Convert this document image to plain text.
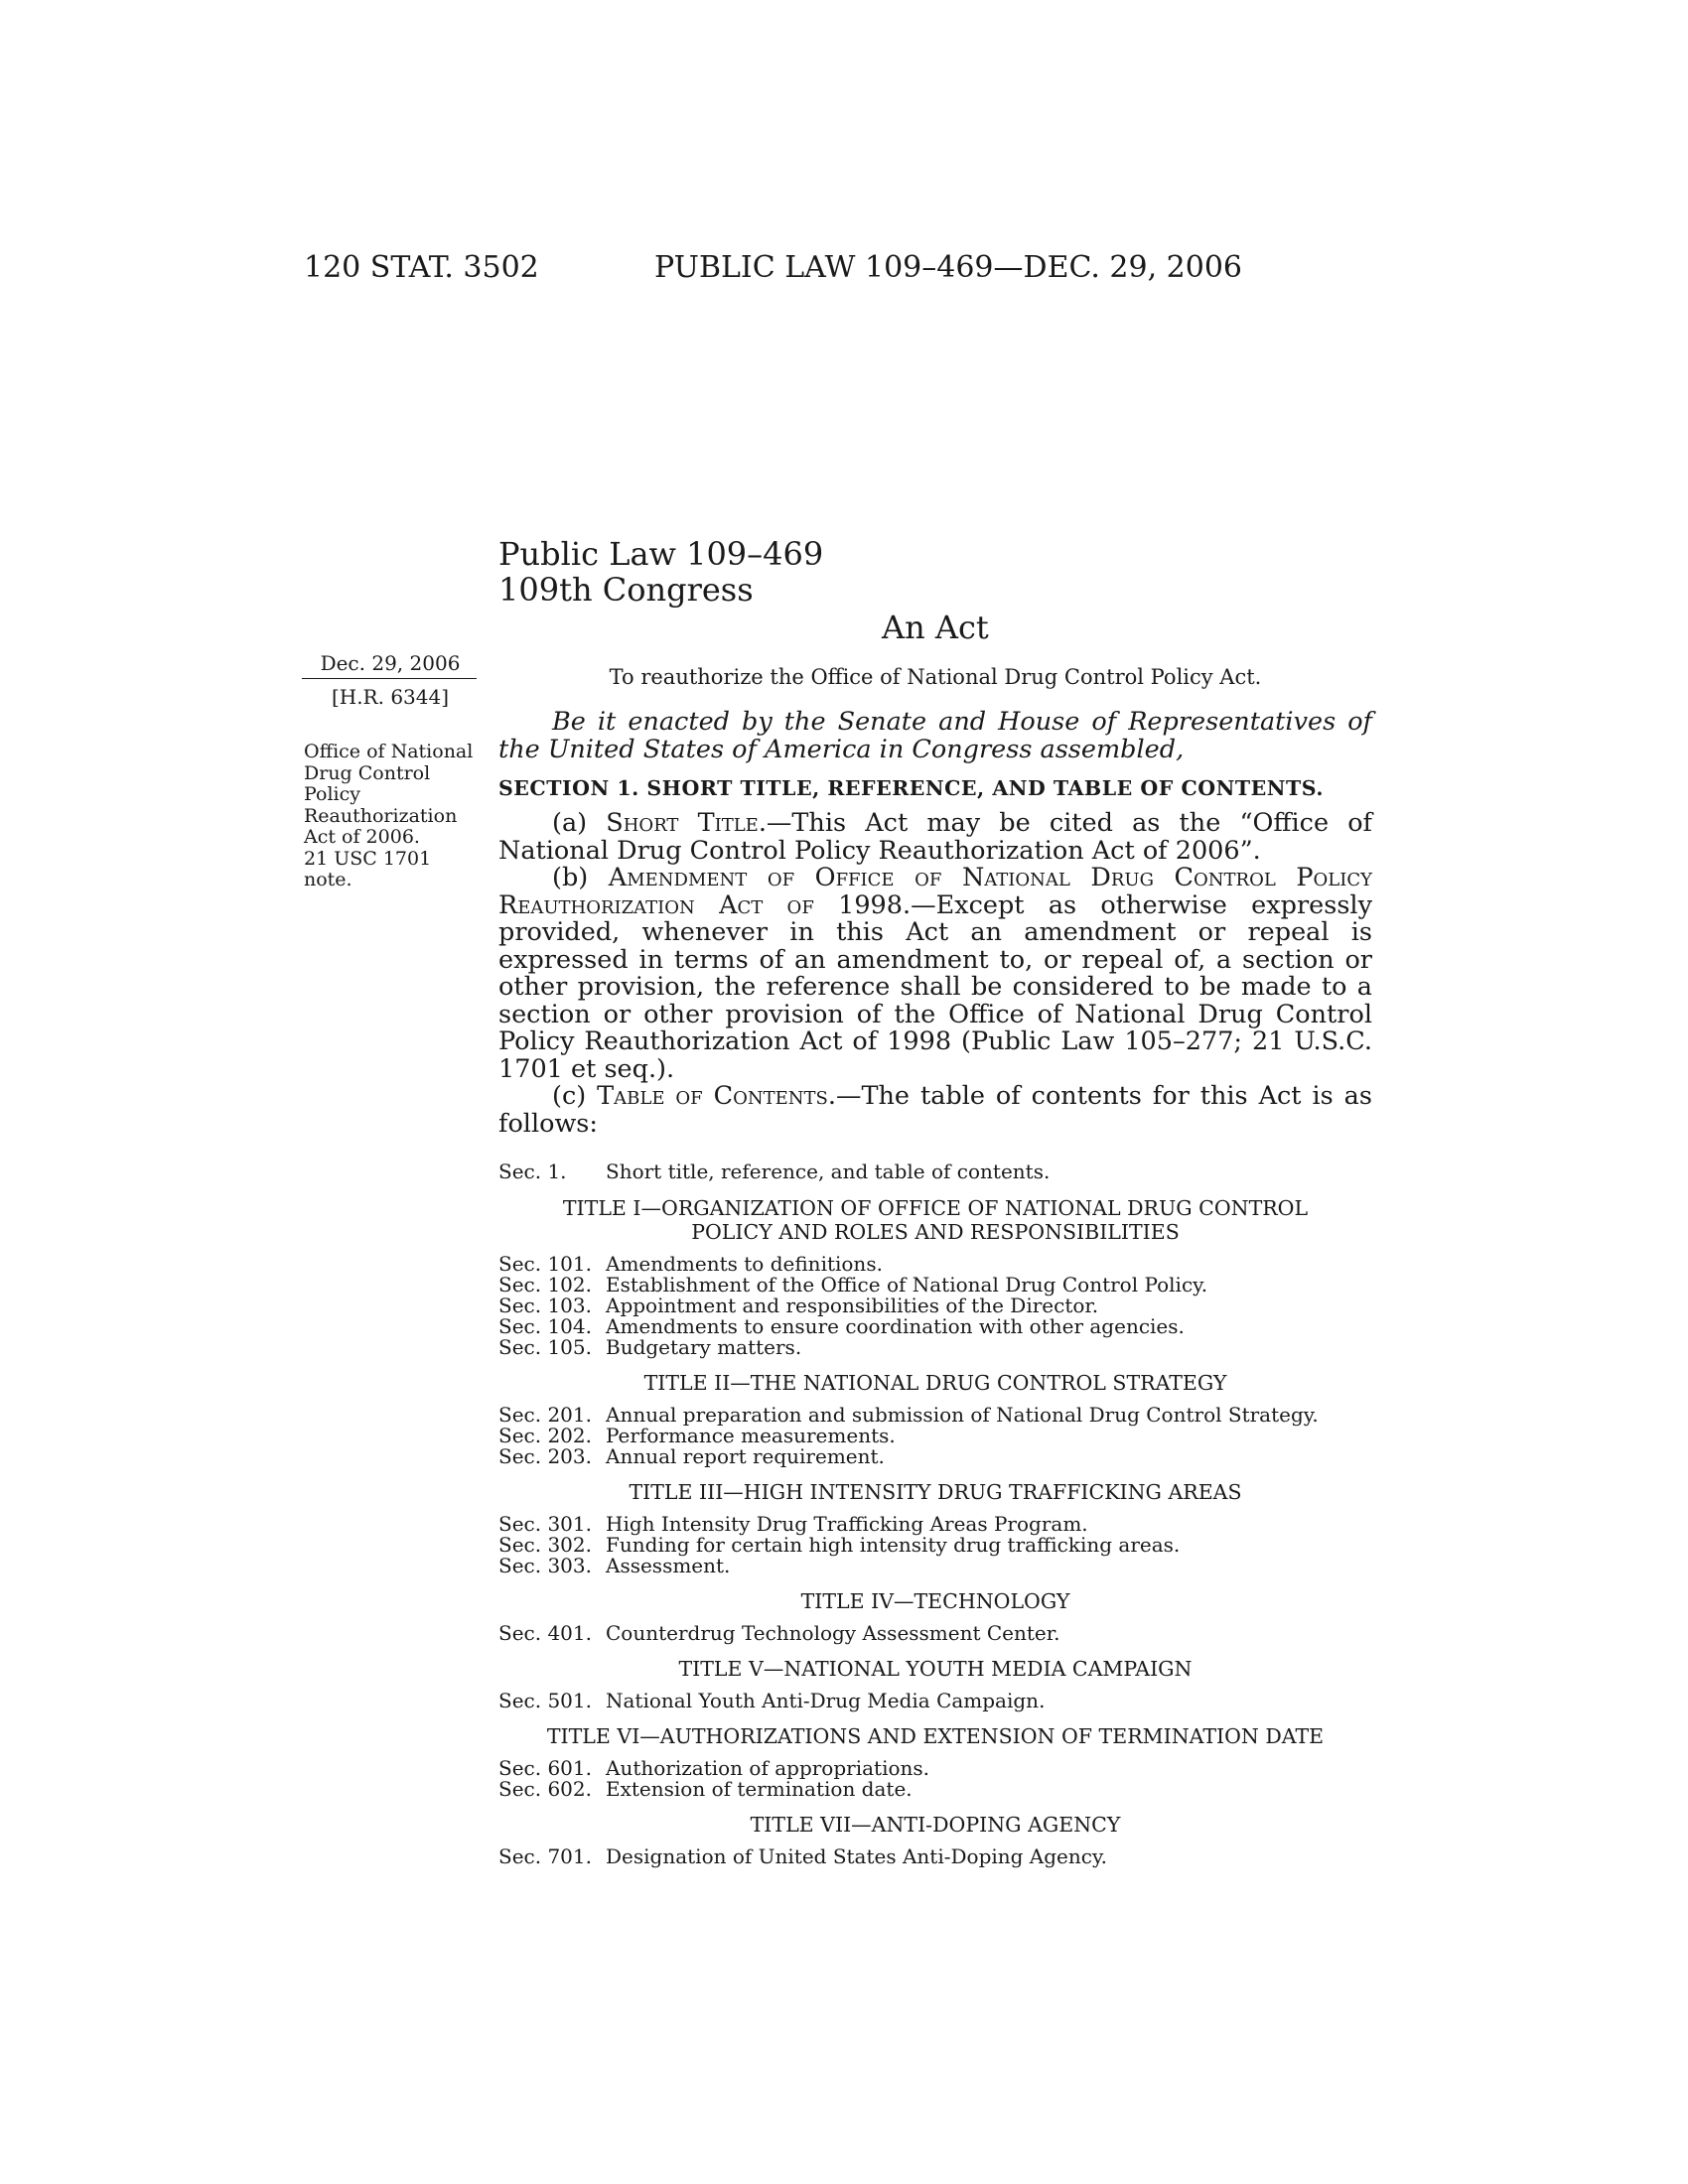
120 STAT. 3502	PUBLIC LAW 109–469—DEC. 29, 2006
Public Law 109–469
109th Congress
An Act
Dec. 29, 2006
[H.R. 6344]
Office of National
Drug Control
Policy
Reauthorization
Act of 2006.
21 USC 1701
note.
To reauthorize the Office of National Drug Control Policy Act.
Be it enacted by the Senate and House of Representatives of the United States of America in Congress assembled,
SECTION 1. SHORT TITLE, REFERENCE, AND TABLE OF CONTENTS.

(a) Short Title.—This Act may be cited as the “Office of National Drug Control Policy Reauthorization Act of 2006”.

(b) Amendment of Office of National Drug Control Policy Reauthorization Act of 1998.—Except as otherwise expressly provided, whenever in this Act an amendment or repeal is expressed in terms of an amendment to, or repeal of, a section or other provision, the reference shall be considered to be made to a section or other provision of the Office of National Drug Control Policy Reauthorization Act of 1998 (Public Law 105–277; 21 U.S.C. 1701 et seq.).

(c) Table of Contents.—The table of contents for this Act is as follows:

Sec. 1. Short title, reference, and table of contents.
TITLE I—ORGANIZATION OF OFFICE OF NATIONAL DRUG CONTROL
POLICY AND ROLES AND RESPONSIBILITIES
Sec. 101. Amendments to definitions.
Sec. 102. Establishment of the Office of National Drug Control Policy.
Sec. 103. Appointment and responsibilities of the Director.
Sec. 104. Amendments to ensure coordination with other agencies.
Sec. 105. Budgetary matters.
TITLE II—THE NATIONAL DRUG CONTROL STRATEGY
Sec. 201. Annual preparation and submission of National Drug Control Strategy.
Sec. 202. Performance measurements.
Sec. 203. Annual report requirement.
TITLE III—HIGH INTENSITY DRUG TRAFFICKING AREAS
Sec. 301. High Intensity Drug Trafficking Areas Program.
Sec. 302. Funding for certain high intensity drug trafficking areas.
Sec. 303. Assessment.
TITLE IV—TECHNOLOGY
Sec. 401. Counterdrug Technology Assessment Center.
TITLE V—NATIONAL YOUTH MEDIA CAMPAIGN
Sec. 501. National Youth Anti-Drug Media Campaign.
TITLE VI—AUTHORIZATIONS AND EXTENSION OF TERMINATION DATE
Sec. 601. Authorization of appropriations.
Sec. 602. Extension of termination date.
TITLE VII—ANTI-DOPING AGENCY
Sec. 701. Designation of United States Anti-Doping Agency.
